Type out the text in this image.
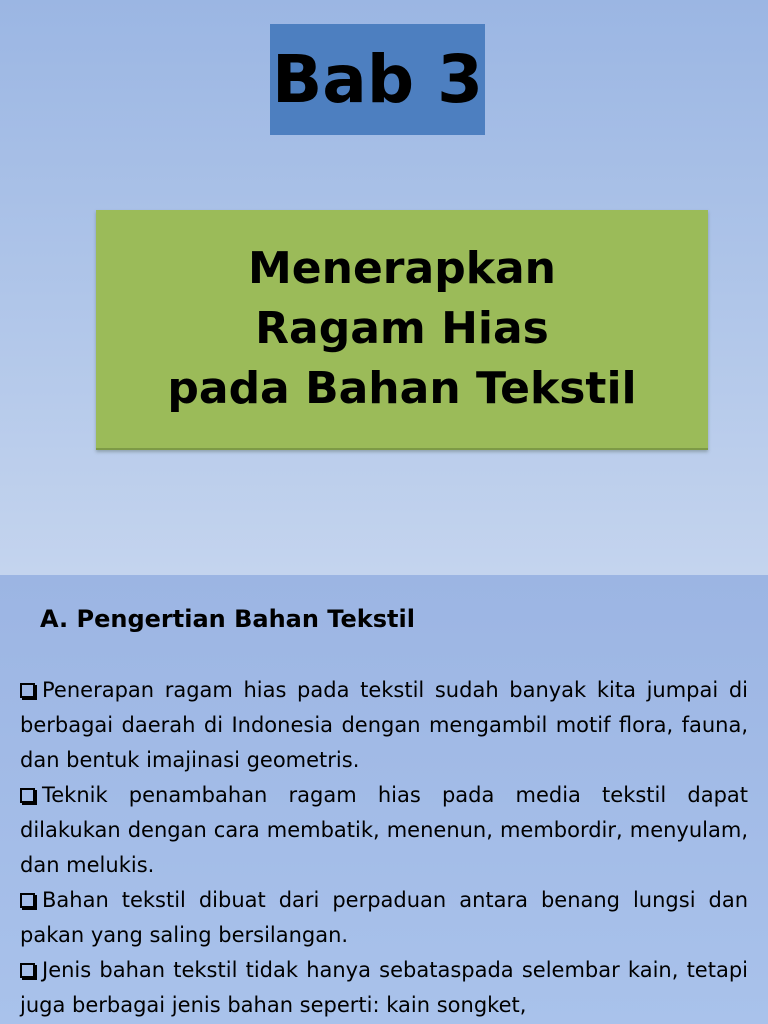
Bab 3
Menerapkan
Ragam Hias
pada Bahan Tekstil
A. Pengertian Bahan Tekstil

Penerapan ragam hias pada tekstil sudah banyak kita jumpai di berbagai daerah di Indonesia dengan mengambil motif flora, fauna, dan bentuk imajinasi geometris.

Teknik penambahan ragam hias pada media tekstil dapat dilakukan dengan cara membatik, menenun, membordir, menyulam, dan melukis.

Bahan tekstil dibuat dari perpaduan antara benang lungsi dan pakan yang saling bersilangan.

Jenis bahan tekstil tidak hanya sebataspada selembar kain, tetapi juga berbagai jenis bahan seperti: kain songket,
